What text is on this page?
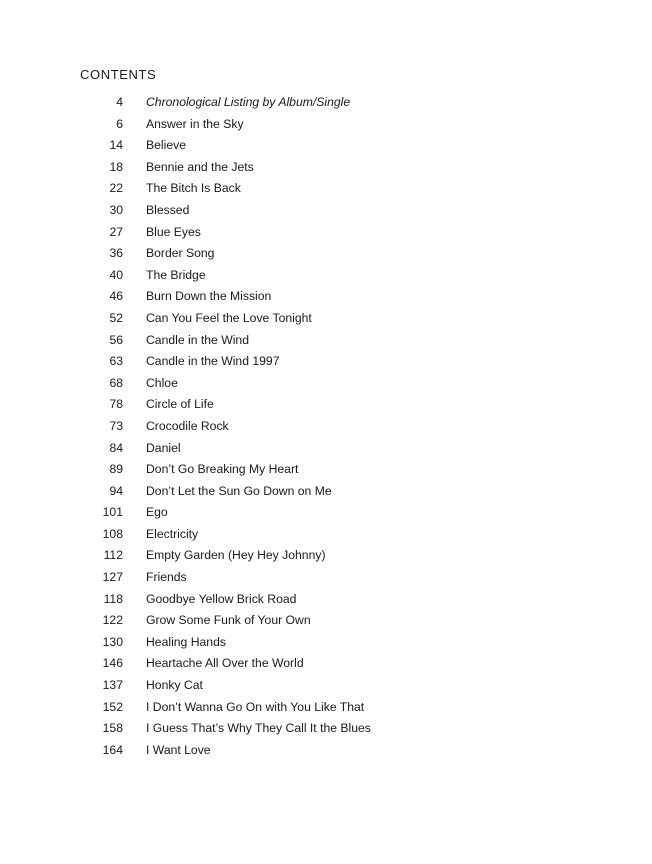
CONTENTS
4 Chronological Listing by Album/Single
6 Answer in the Sky
14 Believe
18 Bennie and the Jets
22 The Bitch Is Back
30 Blessed
27 Blue Eyes
36 Border Song
40 The Bridge
46 Burn Down the Mission
52 Can You Feel the Love Tonight
56 Candle in the Wind
63 Candle in the Wind 1997
68 Chloe
78 Circle of Life
73 Crocodile Rock
84 Daniel
89 Don’t Go Breaking My Heart
94 Don’t Let the Sun Go Down on Me
101 Ego
108 Electricity
112 Empty Garden (Hey Hey Johnny)
127 Friends
118 Goodbye Yellow Brick Road
122 Grow Some Funk of Your Own
130 Healing Hands
146 Heartache All Over the World
137 Honky Cat
152 I Don’t Wanna Go On with You Like That
158 I Guess That’s Why They Call It the Blues
164 I Want Love
